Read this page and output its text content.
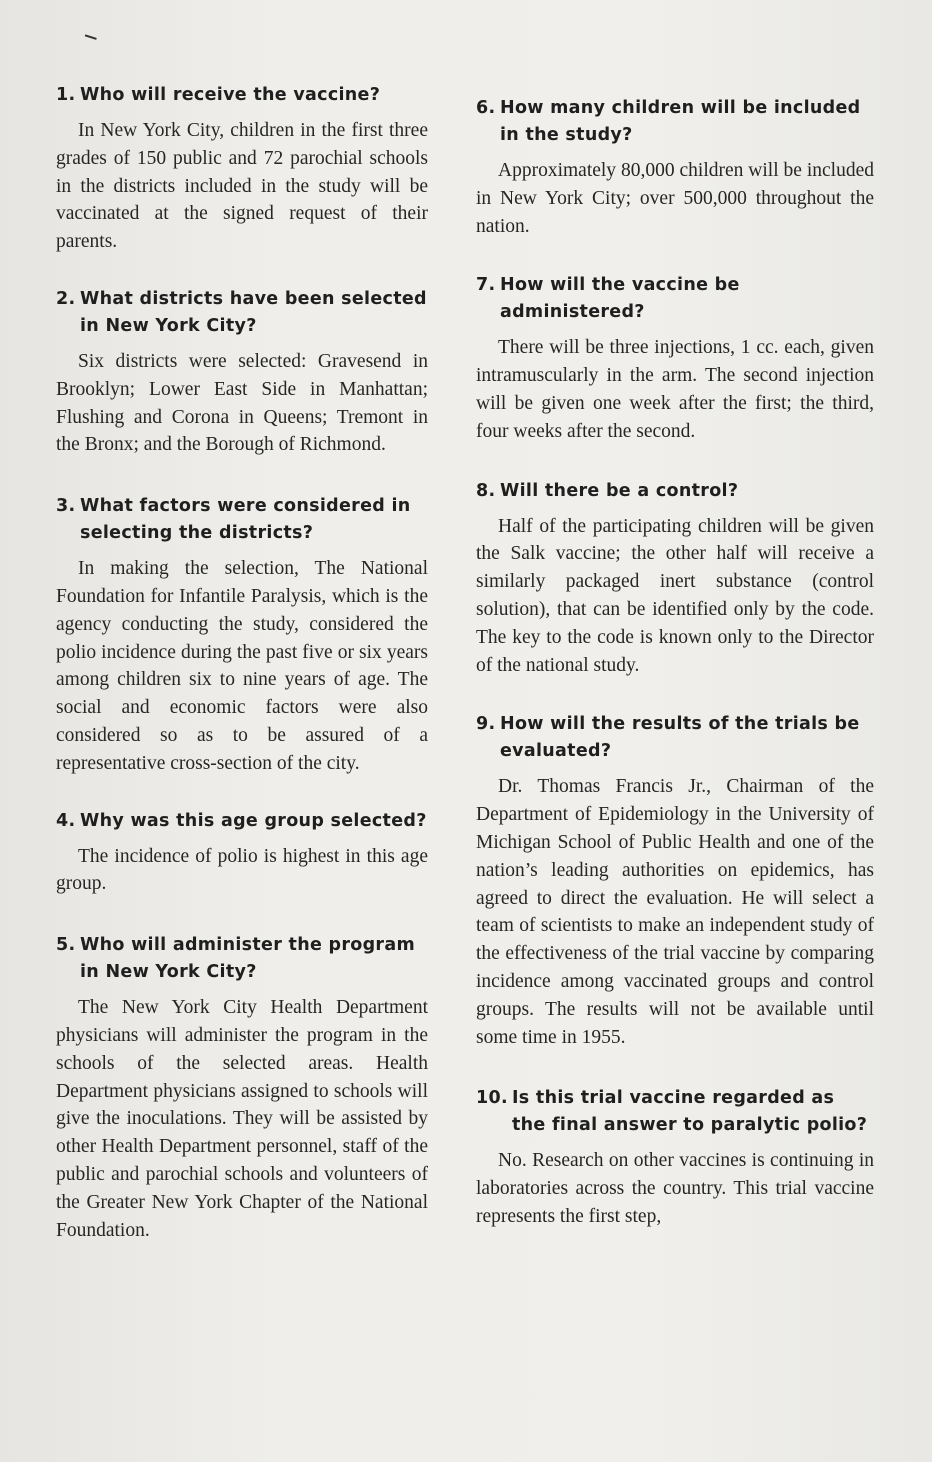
1. Who will receive the vaccine?

In New York City, children in the first three grades of 150 public and 72 parochial schools in the districts included in the study will be vaccinated at the signed request of their parents.

2. What districts have been selected in New York City?

Six districts were selected: Gravesend in Brooklyn; Lower East Side in Manhattan; Flushing and Corona in Queens; Tremont in the Bronx; and the Borough of Richmond.

3. What factors were considered in selecting the districts?

In making the selection, The National Foundation for Infantile Paralysis, which is the agency conducting the study, considered the polio incidence during the past five or six years among children six to nine years of age. The social and economic factors were also considered so as to be assured of a representative cross-section of the city.

4. Why was this age group selected?

The incidence of polio is highest in this age group.

5. Who will administer the program in New York City?

The New York City Health Department physicians will administer the program in the schools of the selected areas. Health Department physicians assigned to schools will give the inoculations. They will be assisted by other Health Department personnel, staff of the public and parochial schools and volunteers of the Greater New York Chapter of the National Foundation.

6. How many children will be included in the study?

Approximately 80,000 children will be included in New York City; over 500,000 throughout the nation.

7. How will the vaccine be administered?

There will be three injections, 1 cc. each, given intramuscularly in the arm. The second injection will be given one week after the first; the third, four weeks after the second.

8. Will there be a control?

Half of the participating children will be given the Salk vaccine; the other half will receive a similarly packaged inert substance (control solution), that can be identified only by the code. The key to the code is known only to the Director of the national study.

9. How will the results of the trials be evaluated?

Dr. Thomas Francis Jr., Chairman of the Department of Epidemiology in the University of Michigan School of Public Health and one of the nation’s leading authorities on epidemics, has agreed to direct the evaluation. He will select a team of scientists to make an independent study of the effectiveness of the trial vaccine by comparing incidence among vaccinated groups and control groups. The results will not be available until some time in 1955.

10. Is this trial vaccine regarded as the final answer to paralytic polio?

No. Research on other vaccines is continuing in laboratories across the country. This trial vaccine represents the first step,
